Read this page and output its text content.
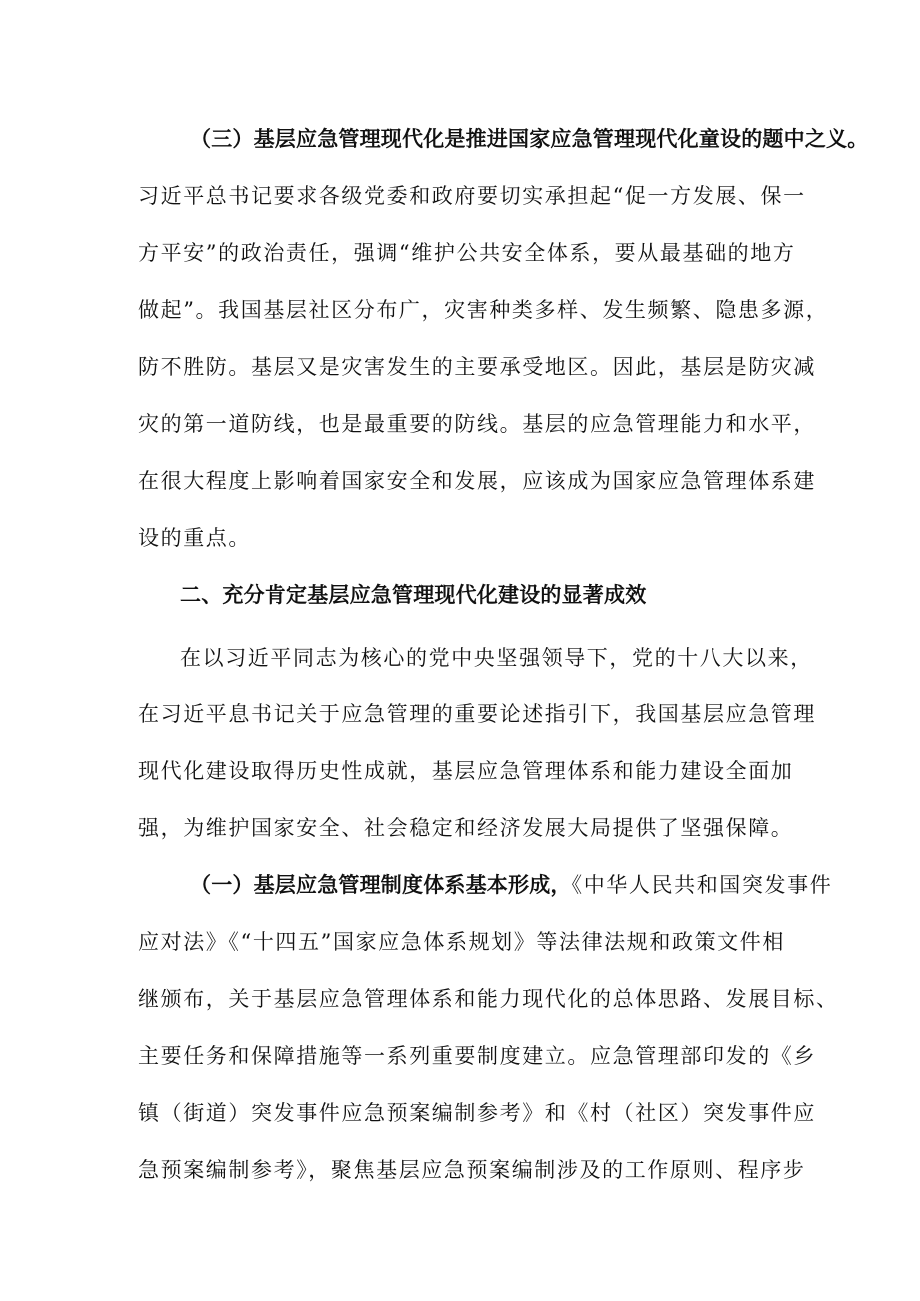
（三）基层应急管理现代化是推进国家应急管理现代化童设的题中之义。
习近平总书记要求各级党委和政府要切实承担起“促一方发展、保一
方平安”的政治责任，强调“维护公共安全体系，要从最基础的地方
做起”。我国基层社区分布广，灾害种类多样、发生频繁、隐患多源，
防不胜防。基层又是灾害发生的主要承受地区。因此，基层是防灾减
灾的第一道防线，也是最重要的防线。基层的应急管理能力和水平，
在很大程度上影响着国家安全和发展，应该成为国家应急管理体系建
设的重点。
二、充分肯定基层应急管理现代化建设的显著成效
在以习近平同志为核心的党中央坚强领导下，党的十八大以来，
在习近平息书记关于应急管理的重要论述指引下，我国基层应急管理
现代化建设取得历史性成就，基层应急管理体系和能力建设全面加
强，为维护国家安全、社会稳定和经济发展大局提供了坚强保障。
（一）基层应急管理制度体系基本形成，《中华人民共和国突发事件
应对法》《“十四五”国家应急体系规划》等法律法规和政策文件相
继颁布，关于基层应急管理体系和能力现代化的总体思路、发展目标、
主要任务和保障措施等一系列重要制度建立。应急管理部印发的《乡
镇（街道）突发事件应急预案编制参考》和《村（社区）突发事件应
急预案编制参考》，聚焦基层应急预案编制涉及的工作原则、程序步
